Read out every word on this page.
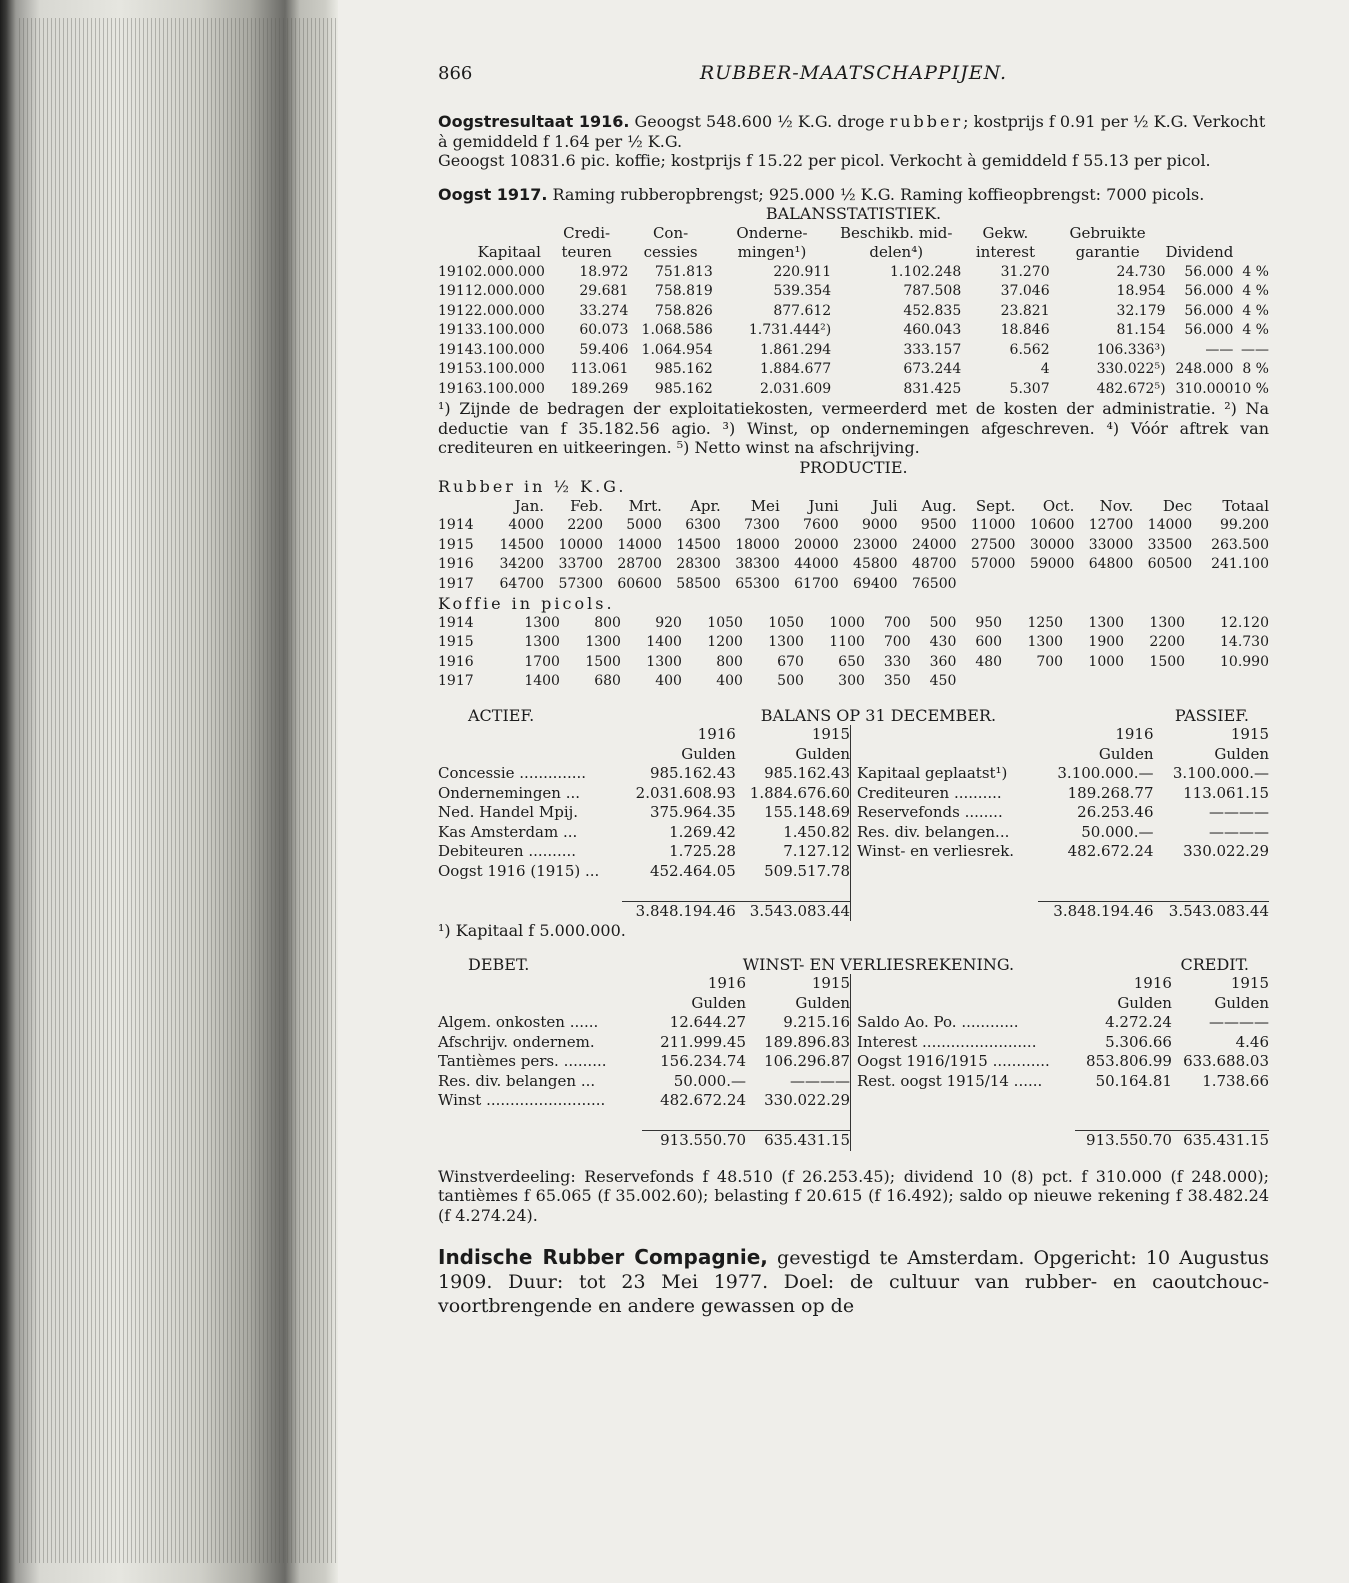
866	RUBBER-MAATSCHAPPIJEN.

Oogstresultaat 1916. Geoogst 548.600 ½ K.G. droge rubber; kostprijs f 0.91 per ½ K.G. Verkocht à gemiddeld f 1.64 per ½ K.G.

Geoogst 10831.6 pic. koffie; kostprijs f 15.22 per picol. Verkocht à gemiddeld f 55.13 per picol.

Oogst 1917. Raming rubberopbrengst; 925.000 ½ K.G. Raming koffieopbrengst: 7000 picols.

BALANSSTATISTIEK.

	Kapitaal	Credi- teuren	Con- cessies	Onderne- mingen¹)	Beschikb. mid- delen⁴)	Gekw. interest	Gebruikte garantie	Dividend	
1910	2.000.000	18.972	751.813	220.911	1.102.248	31.270	24.730	56.000	4 %
1911	2.000.000	29.681	758.819	539.354	787.508	37.046	18.954	56.000	4 %
1912	2.000.000	33.274	758.826	877.612	452.835	23.821	32.179	56.000	4 %
1913	3.100.000	60.073	1.068.586	1.731.444²)	460.043	18.846	81.154	56.000	4 %
1914	3.100.000	59.406	1.064.954	1.861.294	333.157	6.562	106.336³)	——	——
1915	3.100.000	113.061	985.162	1.884.677	673.244	4	330.022⁵)	248.000	8 %
1916	3.100.000	189.269	985.162	2.031.609	831.425	5.307	482.672⁵)	310.000	10 %

¹) Zijnde de bedragen der exploitatiekosten, vermeerderd met de kosten der administratie. ²) Na deductie van f 35.182.56 agio. ³) Winst, op ondernemingen afgeschreven. ⁴) Vóór aftrek van crediteuren en uitkeeringen. ⁵) Netto winst na afschrijving.

PRODUCTIE.

Rubber in ½ K.G.

	Jan.	Feb.	Mrt.	Apr.	Mei	Juni	Juli	Aug.	Sept.	Oct.	Nov.	Dec	Totaal
1914	4000	2200	5000	6300	7300	7600	9000	9500	11000	10600	12700	14000	99.200
1915	14500	10000	14000	14500	18000	20000	23000	24000	27500	30000	33000	33500	263.500
1916	34200	33700	28700	28300	38300	44000	45800	48700	57000	59000	64800	60500	241.100
1917	64700	57300	60600	58500	65300	61700	69400	76500					

Koffie in picols.

1914	1300	800	920	1050	1050	1000	700	500	950	1250	1300	1300	12.120
1915	1300	1300	1400	1200	1300	1100	700	430	600	1300	1900	2200	14.730
1916	1700	1500	1300	800	670	650	330	360	480	700	1000	1500	10.990
1917	1400	680	400	400	500	300	350	450					
ACTIEF.	BALANS OP 31 DECEMBER.	PASSIEF.
	1916	1915
	Gulden	Gulden
Concessie ..............	985.162.43	985.162.43
Ondernemingen ...	2.031.608.93	1.884.676.60
Ned. Handel Mpij.	375.964.35	155.148.69
Kas Amsterdam ...	1.269.42	1.450.82
Debiteuren ..........	1.725.28	7.127.12
Oogst 1916 (1915) ...	452.464.05	509.517.78

	3.848.194.46	3.543.083.44
	1916	1915
	Gulden	Gulden
Kapitaal geplaatst¹)	3.100.000.—	3.100.000.—
Crediteuren ..........	189.268.77	113.061.15
Reservefonds ........	26.253.46	————
Res. div. belangen...	50.000.—	————
Winst- en verliesrek.	482.672.24	330.022.29

	3.848.194.46	3.543.083.44

¹) Kapitaal f 5.000.000.

DEBET.	WINST- EN VERLIESREKENING.	CREDIT.
	1916	1915
	Gulden	Gulden
Algem. onkosten ......	12.644.27	9.215.16
Afschrijv. ondernem.	211.999.45	189.896.83
Tantièmes pers. .........	156.234.74	106.296.87
Res. div. belangen ...	50.000.—	————
Winst .........................	482.672.24	330.022.29

	913.550.70	635.431.15
	1916	1915
	Gulden	Gulden
Saldo Ao. Po. ............	4.272.24	————
Interest ........................	5.306.66	4.46
Oogst 1916/1915 ............	853.806.99	633.688.03
Rest. oogst 1915/14 ......	50.164.81	1.738.66

	913.550.70	635.431.15

Winstverdeeling: Reservefonds f 48.510 (f 26.253.45); dividend 10 (8) pct. f 310.000 (f 248.000); tantièmes f 65.065 (f 35.002.60); belasting f 20.615 (f 16.492); saldo op nieuwe rekening f 38.482.24 (f 4.274.24).

Indische Rubber Compagnie, gevestigd te Amsterdam. Opgericht: 10 Augustus 1909. Duur: tot 23 Mei 1977. Doel: de cultuur van rubber- en caoutchouc-voortbrengende en andere gewassen op de
